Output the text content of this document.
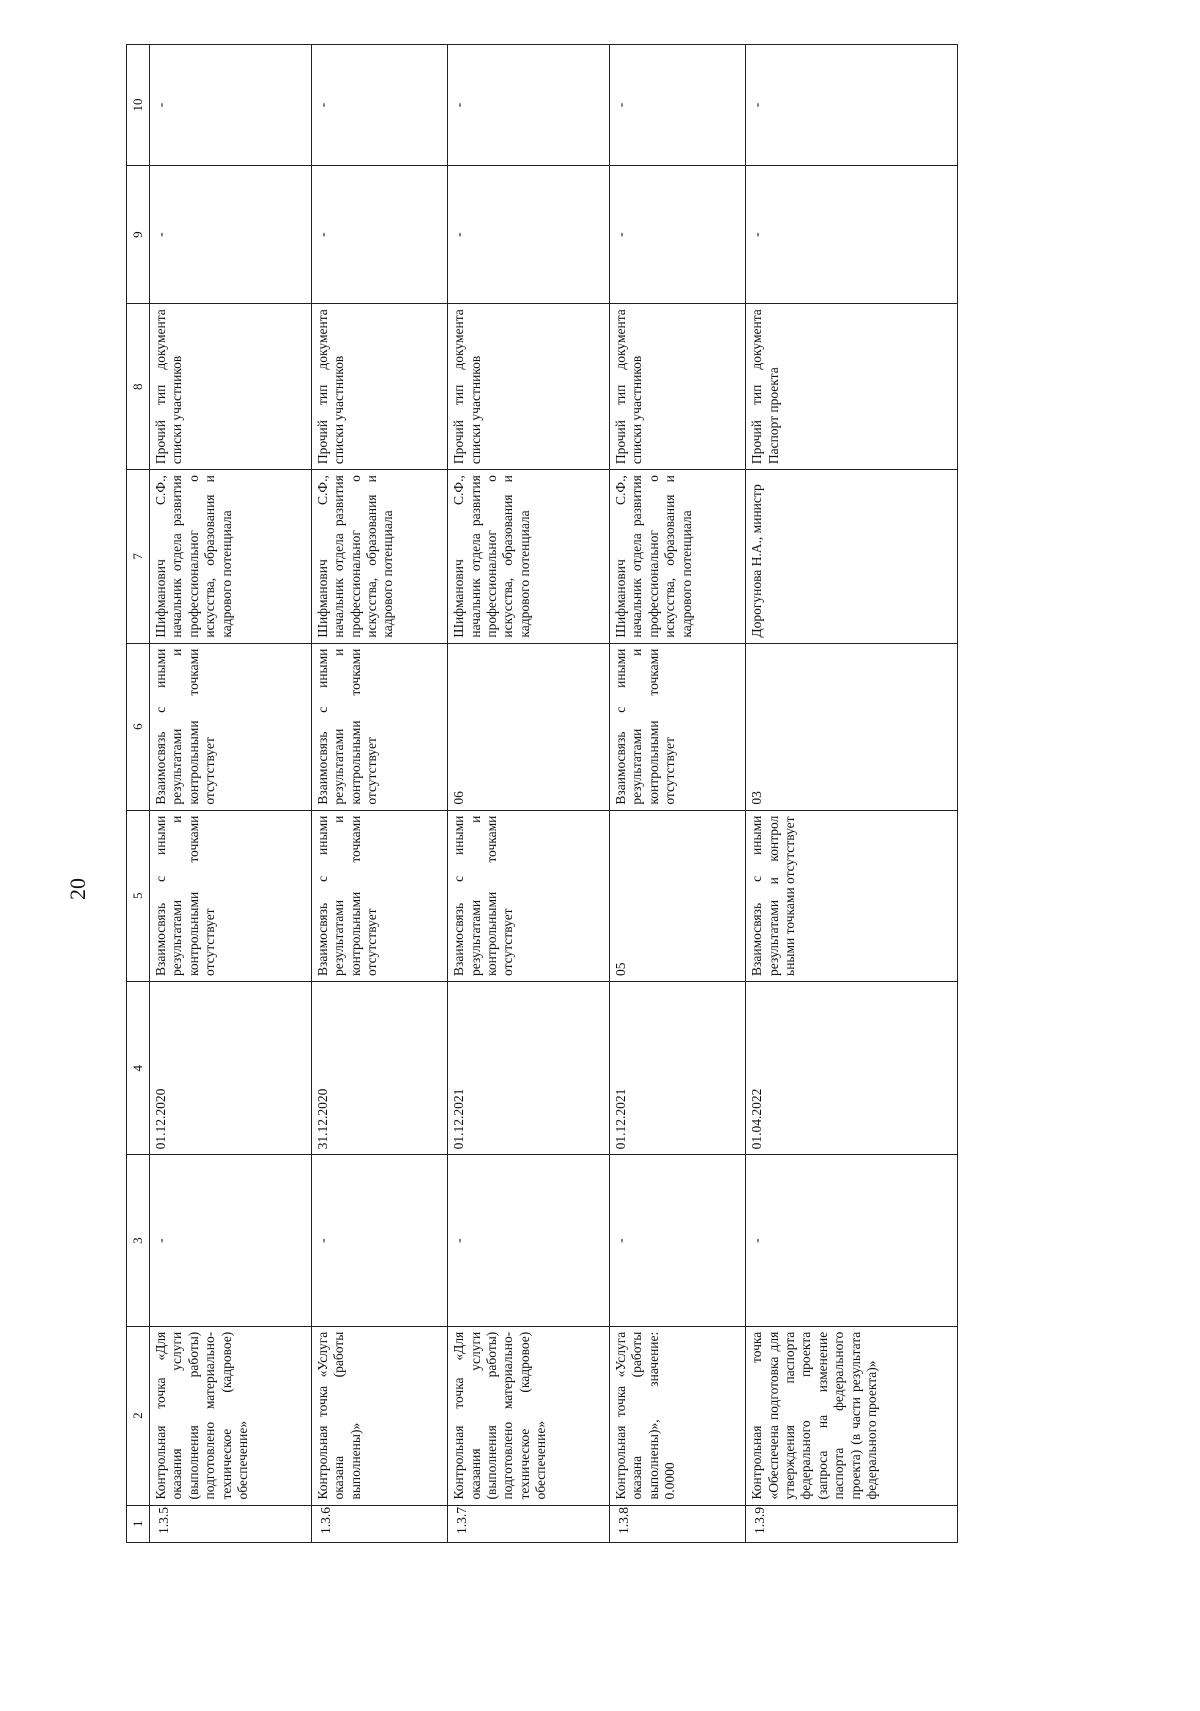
20
1	2	3	4	5	6	7	8	9	10
1.3.5	Контрольная точка «Для оказания услуги (выполнения работы) подготовлено материально-техническое (кадровое) обеспечение»	-	01.12.2020	Взаимосвязь с иными результатами и контрольными точками отсутствует	Взаимосвязь с иными результатами и контрольными точками отсутствует	Шифманович С.Ф., начальник отдела развития профессиональног о искусства, образования и кадрового потенциала	Прочий тип документа списки участников	-	-
1.3.6	Контрольная точка «Услуга оказана (работы выполнены)»	-	31.12.2020	Взаимосвязь с иными результатами и контрольными точками отсутствует	Взаимосвязь с иными результатами и контрольными точками отсутствует	Шифманович С.Ф., начальник отдела развития профессиональног о искусства, образования и кадрового потенциала	Прочий тип документа списки участников	-	-
1.3.7	Контрольная точка «Для оказания услуги (выполнения работы) подготовлено материально-техническое (кадровое) обеспечение»	-	01.12.2021	Взаимосвязь с иными результатами и контрольными точками отсутствует	06	Шифманович С.Ф., начальник отдела развития профессиональног о искусства, образования и кадрового потенциала	Прочий тип документа списки участников	-	-
1.3.8	Контрольная точка «Услуга оказана (работы выполнены)», значение: 0.0000	-	01.12.2021	05	Взаимосвязь с иными результатами и контрольными точками отсутствует	Шифманович С.Ф., начальник отдела развития профессиональног о искусства, образования и кадрового потенциала	Прочий тип документа списки участников	-	-
1.3.9	Контрольная точка «Обеспечена подготовка для утверждения паспорта федерального проекта (запроса на изменение паспорта федерального проекта) (в части результата федерального проекта)»	-	01.04.2022	Взаимосвязь с иными результатами и контрол ьными точками отсутствует	03	Дорогунова Н.А., министр	Прочий тип документа Паспорт проекта	-	-
